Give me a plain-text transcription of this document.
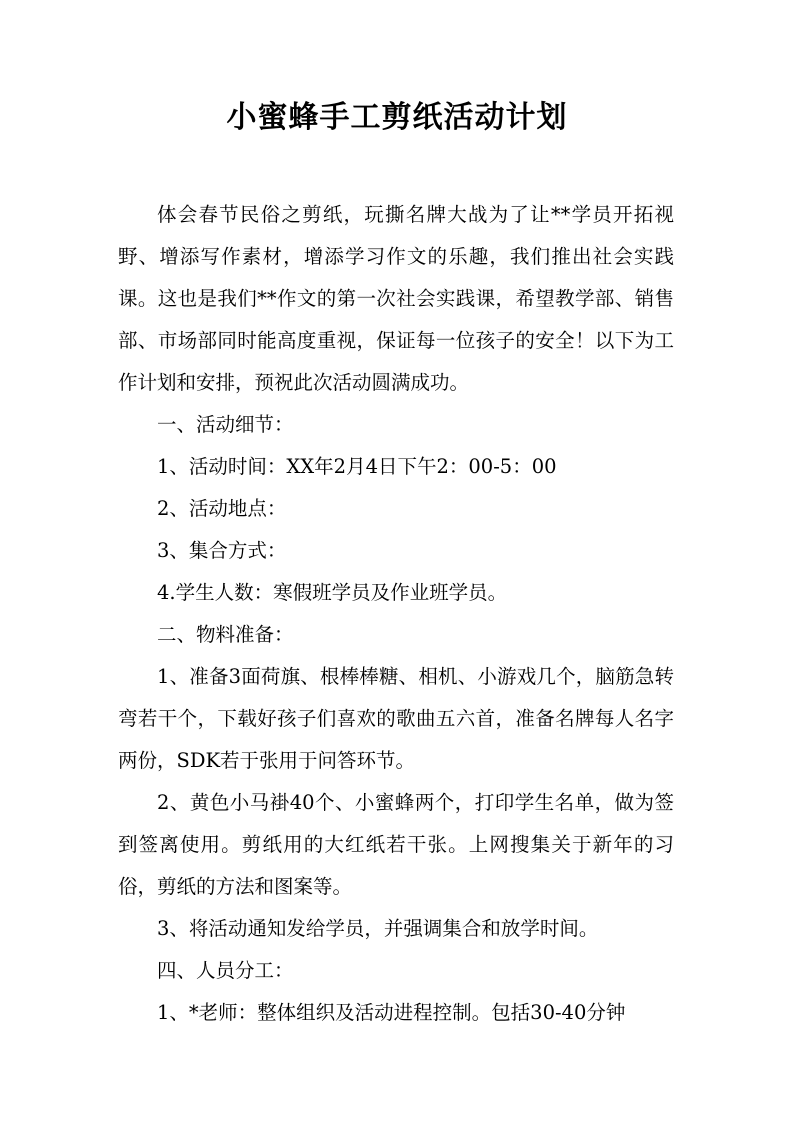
小蜜蜂手工剪纸活动计划

体会春节民俗之剪纸，玩撕名牌大战为了让**学员开拓视野、增添写作素材，增添学习作文的乐趣，我们推出社会实践课。这也是我们**作文的第一次社会实践课，希望教学部、销售部、市场部同时能高度重视，保证每一位孩子的安全！以下为工作计划和安排，预祝此次活动圆满成功。

一、活动细节：

1、活动时间：XX年2月4日下午2：00-5：00

2、活动地点：

3、集合方式：

4.学生人数：寒假班学员及作业班学员。

二、物料准备：

1、准备3面荷旗、根棒棒糖、相机、小游戏几个，脑筋急转弯若干个，下载好孩子们喜欢的歌曲五六首，准备名牌每人名字两份，SDK若于张用于问答环节。

2、黄色小马褂40个、小蜜蜂两个，打印学生名单，做为签到签离使用。剪纸用的大红纸若干张。上网搜集关于新年的习俗，剪纸的方法和图案等。

3、将活动通知发给学员，并强调集合和放学时间。

四、人员分工：

1、*老师：整体组织及活动进程控制。包括30-40分钟
